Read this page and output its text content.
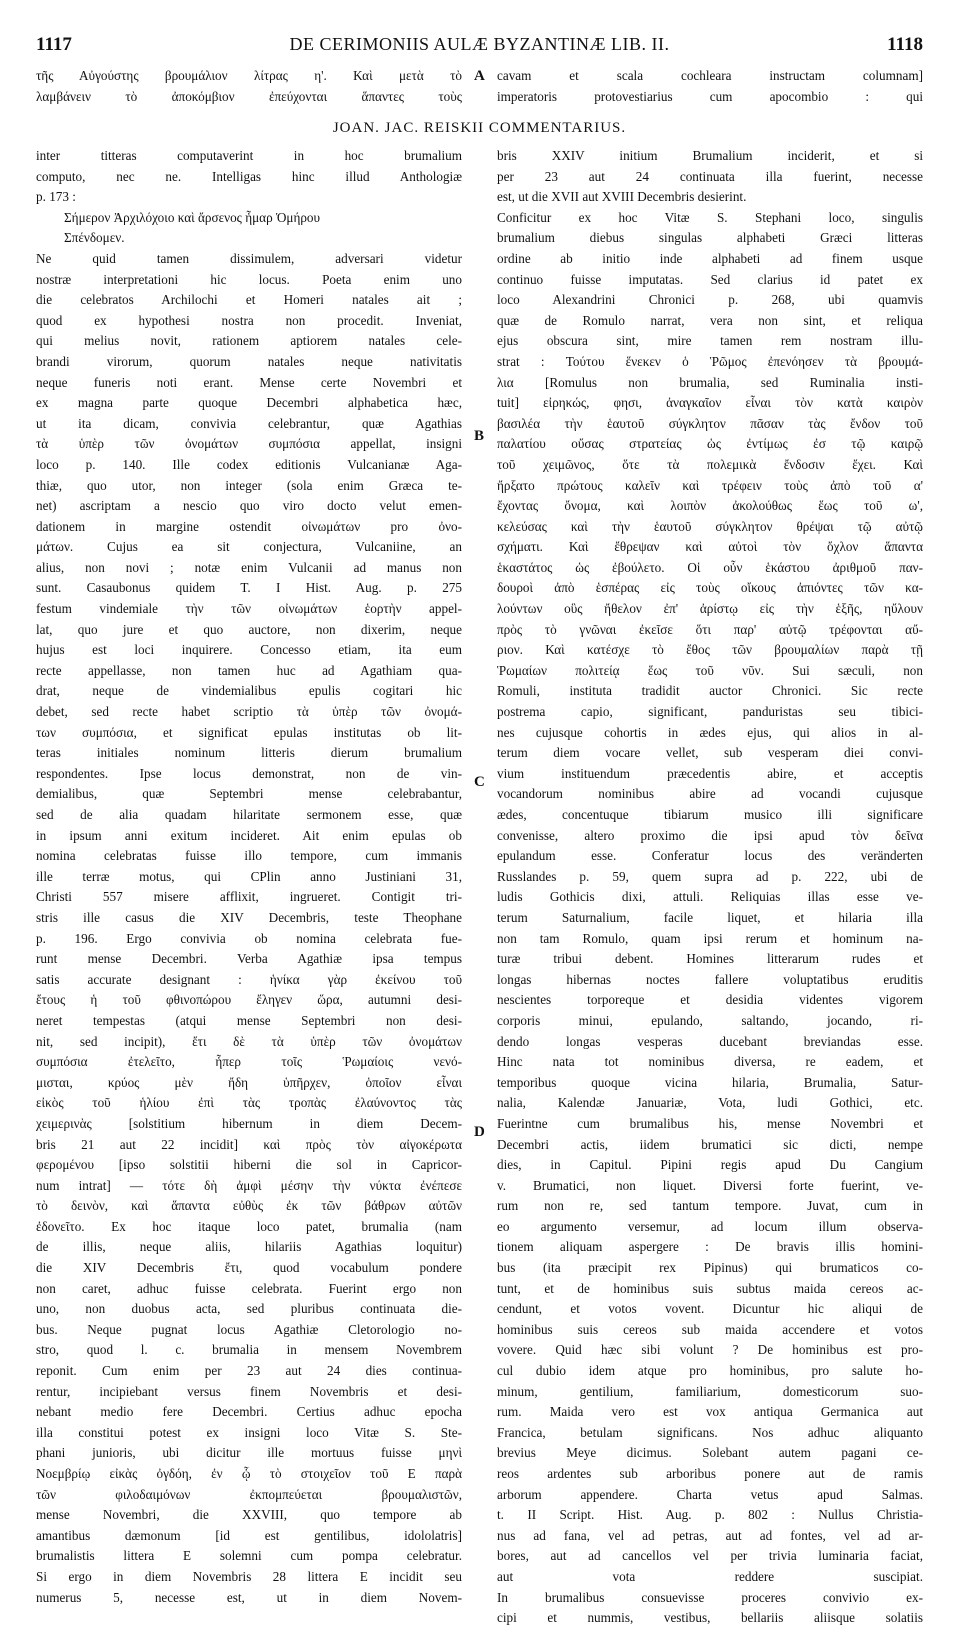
1117	DE CERIMONIIS AULÆ BYZANTINÆ LIB. II.	1118
τῆς Αὐγούστης βρουμάλιον λίτρας η'. Καὶ μετὰ τὸ
λαμβάνειν τὸ ἀποκόμβιον ἐπεύχονται ἅπαντες τοὺς
cavam et scala cochleara instructam columnam]
imperatoris protovestiarius cum apocombio : qui
JOAN. JAC. REISKII COMMENTARIUS.
A
B
C
D
inter titteras computaverint in hoc brumalium
computo, nec ne. Intelligas hinc illud Anthologiæ
p. 173 :
Σήμερον Ἀρχιλόχοιο καὶ ἄρσενος ἦμαρ Ὁμήρου
Σπένδομεν.
Ne quid tamen dissimulem, adversari videtur
nostræ interpretationi hic locus. Poeta enim uno
die celebratos Archilochi et Homeri natales ait ;
quod ex hypothesi nostra non procedit. Inveniat,
qui melius novit, rationem aptiorem natales cele-
brandi virorum, quorum natales neque nativitatis
neque funeris noti erant. Mense certe Novembri et
ex magna parte quoque Decembri alphabetica hæc,
ut ita dicam, convivia celebrantur, quæ Agathias
τὰ ὑπὲρ τῶν ὀνομάτων συμπόσια appellat, insigni
loco p. 140. Ille codex editionis Vulcanianæ Aga-
thiæ, quo utor, non integer (sola enim Græca te-
net) ascriptam a nescio quo viro docto velut emen-
dationem in margine ostendit οἰνωμάτων pro ὀνο-
μάτων. Cujus ea sit conjectura, Vulcaniine, an
alius, non novi ; notæ enim Vulcanii ad manus non
sunt. Casaubonus quidem T. I Hist. Aug. p. 275
festum vindemiale τὴν τῶν οἰνωμάτων ἑορτὴν appel-
lat, quo jure et quo auctore, non dixerim, neque
hujus est loci inquirere. Concesso etiam, ita eum
recte appellasse, non tamen huc ad Agathiam qua-
drat, neque de vindemialibus epulis cogitari hic
debet, sed recte habet scriptio τὰ ὑπὲρ τῶν ὀνομά-
των συμπόσια, et significat epulas institutas ob lit-
teras initiales nominum litteris dierum brumalium
respondentes. Ipse locus demonstrat, non de vin-
demialibus, quæ Septembri mense celebrabantur,
sed de alia quadam hilaritate sermonem esse, quæ
in ipsum anni exitum incideret. Ait enim epulas ob
nomina celebratas fuisse illo tempore, cum immanis
ille terræ motus, qui CPlin anno Justiniani 31,
Christi 557 misere afflixit, ingrueret. Contigit tri-
stris ille casus die XIV Decembris, teste Theophane
p. 196. Ergo convivia ob nomina celebrata fue-
runt mense Decembri. Verba Agathiæ ipsa tempus
satis accurate designant : ἡνίκα γὰρ ἐκείνου τοῦ
ἔτους ἡ τοῦ φθινοπώρου ἔληγεν ὥρα, autumni desi-
neret tempestas (atqui mense Septembri non desi-
nit, sed incipit), ἔτι δὲ τὰ ὑπὲρ τῶν ὀνομάτων
συμπόσια ἐτελεῖτο, ἧπερ τοῖς Ῥωμαίοις νενό-
μισται, κρύος μὲν ἤδη ὑπῆρχεν, ὁποῖον εἶναι
εἰκὸς τοῦ ἡλίου ἐπὶ τὰς τροπὰς ἐλαύνοντος τὰς
χειμερινὰς [solstitium hibernum in diem Decem-
bris 21 aut 22 incidit] καὶ πρὸς τὸν αἰγοκέρωτα
φερομένου [ipso solstitii hiberni die sol in Capricor-
num intrat] — τότε δὴ ἀμφὶ μέσην τὴν νύκτα ἐνέπεσε
τὸ δεινὸν, καὶ ἅπαντα εὐθὺς ἐκ τῶν βάθρων αὐτῶν
ἐδονεῖτο. Ex hoc itaque loco patet, brumalia (nam
de illis, neque aliis, hilariis Agathias loquitur)
die XIV Decembris ἔτι, quod vocabulum pondere
non caret, adhuc fuisse celebrata. Fuerint ergo non
uno, non duobus acta, sed pluribus continuata die-
bus. Neque pugnat locus Agathiæ Cletorologio no-
stro, quod l. c. brumalia in mensem Novembrem
reponit. Cum enim per 23 aut 24 dies continua-
rentur, incipiebant versus finem Novembris et desi-
nebant medio fere Decembri. Certius adhuc epocha
illa constitui potest ex insigni loco Vitæ S. Ste-
phani junioris, ubi dicitur ille mortuus fuisse μηνὶ
Νοεμβρίῳ εἰκὰς ὀγδόη, ἐν ᾧ τὸ στοιχεῖον τοῦ Ε παρὰ
τῶν φιλοδαιμόνων ἐκπομπεύεται βρουμαλιστῶν,
mense Novembri, die XXVIII, quo tempore ab
amantibus dæmonum [id est gentilibus, idololatris]
brumalistis littera E solemni cum pompa celebratur.
Si ergo in diem Novembris 28 littera E incidit seu
numerus 5, necesse est, ut in diem Novem-
bris XXIV initium Brumalium inciderit, et si
per 23 aut 24 continuata illa fuerint, necesse
est, ut die XVII aut XVIII Decembris desierint.
Conficitur ex hoc Vitæ S. Stephani loco, singulis
brumalium diebus singulas alphabeti Græci litteras
ordine ab initio inde alphabeti ad finem usque
continuo fuisse imputatas. Sed clarius id patet ex
loco Alexandrini Chronici p. 268, ubi quamvis
quæ de Romulo narrat, vera non sint, et reliqua
ejus obscura sint, mire tamen rem nostram illu-
strat : Τούτου ἕνεκεν ὁ Ῥῶμος ἐπενόησεν τὰ βρουμά-
λια [Romulus non brumalia, sed Ruminalia insti-
tuit] εἰρηκώς, φησι, ἀναγκαῖον εἶναι τὸν κατὰ καιρὸν
βασιλέα τὴν ἑαυτοῦ σύγκλητον πᾶσαν τὰς ἔνδον τοῦ
παλατίου οὔσας στρατείας ὡς ἐντίμως ἐσ τῷ καιρῷ
τοῦ χειμῶνος, ὅτε τὰ πολεμικὰ ἔνδοσιν ἔχει. Καὶ
ἤρξατο πρώτους καλεῖν καὶ τρέφειν τοὺς ἀπὸ τοῦ α'
ἔχοντας ὄνομα, καὶ λοιπὸν ἀκολούθως ἕως τοῦ ω',
κελεύσας καὶ τὴν ἑαυτοῦ σύγκλητον θρέψαι τῷ αὐτῷ
σχήματι. Καὶ ἔθρεψαν καὶ αὐτοὶ τὸν ὄχλον ἅπαντα
ἑκαστάτος ὡς ἐβούλετο. Οἱ οὖν ἑκάστου ἀριθμοῦ παν-
δουροὶ ἀπὸ ἑσπέρας εἰς τοὺς οἴκους ἀπιόντες τῶν κα-
λούντων οὓς ἤθελον ἐπ' ἀρίστῳ εἰς τὴν ἑξῆς, ηὔλουν
πρὸς τὸ γνῶναι ἐκεῖσε ὅτι παρ' αὐτῷ τρέφονται αὔ-
ριον. Καὶ κατέσχε τὸ ἔθος τῶν βρουμαλίων παρὰ τῇ
Ῥωμαίων πολιτείᾳ ἕως τοῦ νῦν. Sui sæculi, non
Romuli, instituta tradidit auctor Chronici. Sic recte
postrema capio, significant, panduristas seu tibici-
nes cujusque cohortis in ædes ejus, qui alios in al-
terum diem vocare vellet, sub vesperam diei convi-
vium instituendum præcedentis abire, et acceptis
vocandorum nominibus abire ad vocandi cujusque
ædes, concentuque tibiarum musico illi significare
convenisse, altero proximo die ipsi apud τὸν δεῖνα
epulandum esse. Conferatur locus des veränderten
Russlandes p. 59, quem supra ad p. 222, ubi de
ludis Gothicis dixi, attuli. Reliquias illas esse ve-
terum Saturnalium, facile liquet, et hilaria illa
non tam Romulo, quam ipsi rerum et hominum na-
turæ tribui debent. Homines litterarum rudes et
longas hibernas noctes fallere voluptatibus eruditis
nescientes torporeque et desidia videntes vigorem
corporis minui, epulando, saltando, jocando, ri-
dendo longas vesperas ducebant breviandas esse.
Hinc nata tot nominibus diversa, re eadem, et
temporibus quoque vicina hilaria, Brumalia, Satur-
nalia, Kalendæ Januariæ, Vota, ludi Gothici, etc.
Fuerintne cum brumalibus his, mense Novembri et
Decembri actis, iidem brumatici sic dicti, nempe
dies, in Capitul. Pipini regis apud Du Cangium
v. Brumatici, non liquet. Diversi forte fuerint, ve-
rum non re, sed tantum tempore. Juvat, cum in
eo argumento versemur, ad locum illum observa-
tionem aliquam aspergere : De bravis illis homini-
bus (ita præcipit rex Pipinus) qui brumaticos co-
tunt, et de hominibus suis subtus maida cereos ac-
cendunt, et votos vovent. Dicuntur hic aliqui de
hominibus suis cereos sub maida accendere et votos
vovere. Quid hæc sibi volunt ? De hominibus est pro-
cul dubio idem atque pro hominibus, pro salute ho-
minum, gentilium, familiarium, domesticorum suo-
rum. Maida vero est vox antiqua Germanica aut
Francica, betulam significans. Nos adhuc aliquanto
brevius Meye dicimus. Solebant autem pagani ce-
reos ardentes sub arboribus ponere aut de ramis
arborum appendere. Charta vetus apud Salmas.
t. II Script. Hist. Aug. p. 802 : Nullus Christia-
nus ad fana, vel ad petras, aut ad fontes, vel ad ar-
bores, aut ad cancellos vel per trivia luminaria faciat,
aut vota reddere suscipiat.
In brumalibus consuevisse proceres convivio ex-
cipi et nummis, vestibus, bellariis aliisque solatiis
